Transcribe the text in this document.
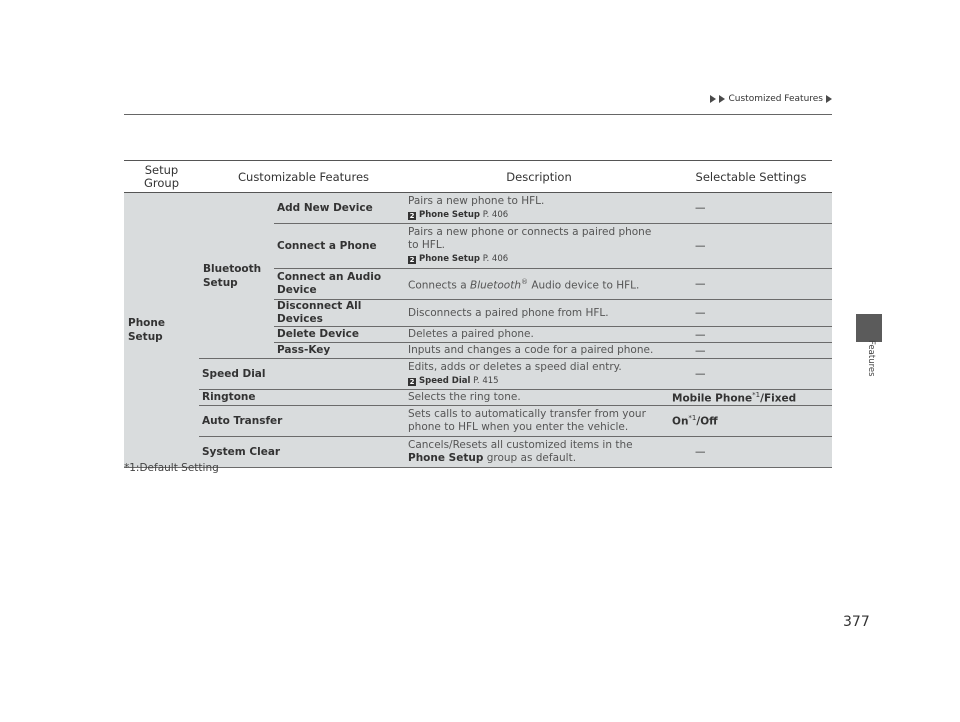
Customized Features
Features
Setup Group	Customizable Features		Description	Selectable Settings
Phone Setup	Bluetooth Setup	Add New Device	Pairs a new phone to HFL.
2 Phone Setup P. 406	—
		Connect a Phone	Pairs a new phone or connects a paired phone to HFL.
2 Phone Setup P. 406	—
		Connect an Audio Device	Connects a Bluetooth® Audio device to HFL.	—
		Disconnect All Devices	Disconnects a paired phone from HFL.	—
		Delete Device	Deletes a paired phone.	—
		Pass-Key	Inputs and changes a code for a paired phone.	—
	Speed Dial		Edits, adds or deletes a speed dial entry.
2 Speed Dial P. 415	—
	Ringtone		Selects the ring tone.	Mobile Phone$^{*1}$/Fixed
	Auto Transfer		Sets calls to automatically transfer from your phone to HFL when you enter the vehicle.	On$^{*1}$/Off
	System Clear		Cancels/Resets all customized items in the Phone Setup group as default.	—
*1:Default Setting
377
